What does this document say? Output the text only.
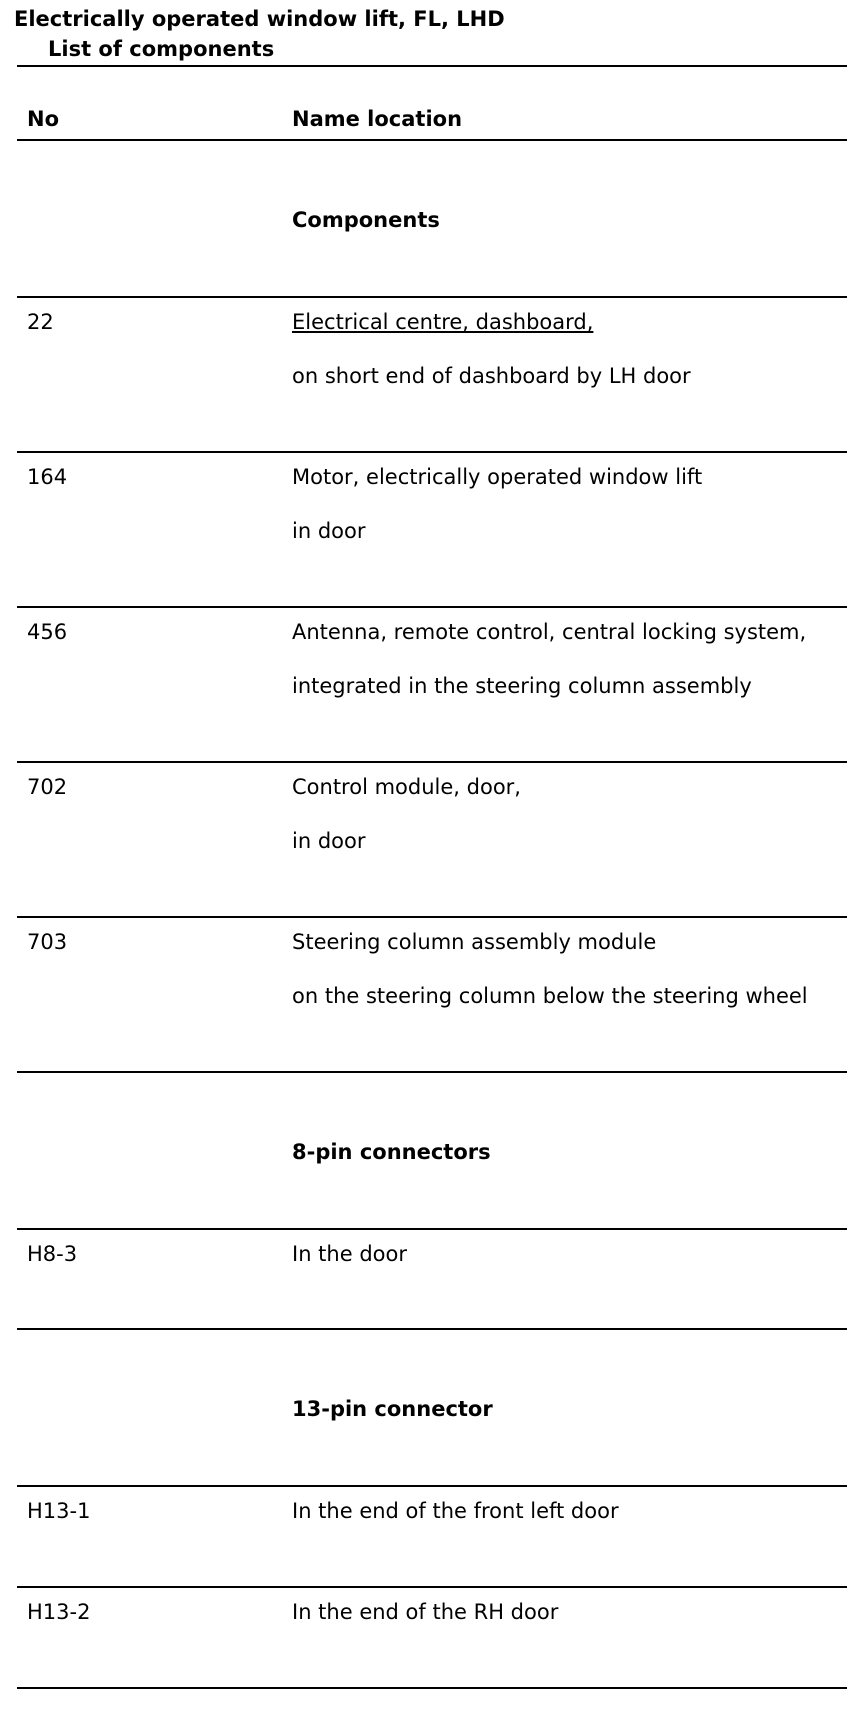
Electrically operated window lift, FL, LHD
List of components
No	Name location
Components
22	Electrical centre, dashboard,
on short end of dashboard by LH door
164	Motor, electrically operated window lift
in door
456	Antenna, remote control, central locking system,
integrated in the steering column assembly
702	Control module, door,
in door
703	Steering column assembly module
on the steering column below the steering wheel
8-pin connectors
H8-3	In the door
13-pin connector
H13-1	In the end of the front left door
H13-2	In the end of the RH door
